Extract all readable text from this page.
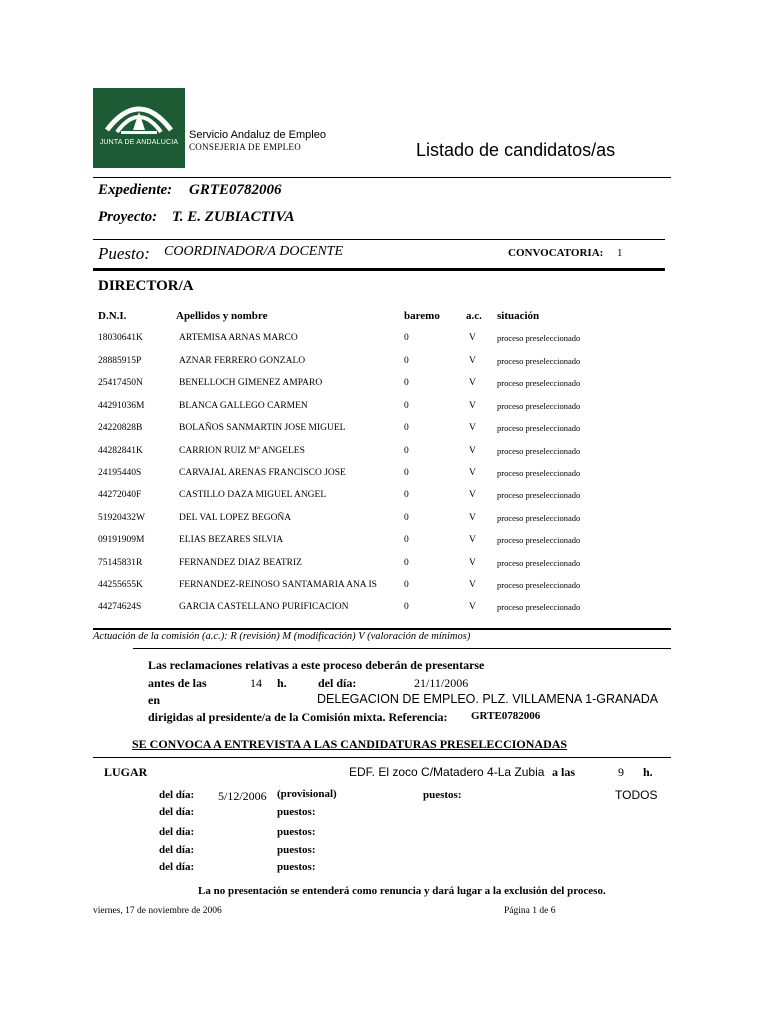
JUNTA DE ANDALUCIA
Servicio Andaluz de Empleo
CONSEJERIA DE EMPLEO	Listado de candidatos/as
Expediente: GRTE0782006
Proyecto: T. E. ZUBIACTIVA
Puesto: COORDINADOR/A DOCENTE	CONVOCATORIA: 1
DIRECTOR/A
D.N.I.	Apellidos y nombre	baremo a.c. situación
18030641K	ARTEMISA ARNAS MARCO	0	V proceso preseleccionado
28885915P	AZNAR FERRERO GONZALO	0	V proceso preseleccionado
25417450N	BENELLOCH GIMENEZ AMPARO	0	V proceso preseleccionado
44291036M	BLANCA GALLEGO CARMEN	0	V proceso preseleccionado
24220828B	BOLAÑOS SANMARTIN JOSE MIGUEL	0	V proceso preseleccionado
44282841K	CARRION RUIZ Mª ANGELES	0	V proceso preseleccionado
24195440S	CARVAJAL ARENAS FRANCISCO JOSE	0	V proceso preseleccionado
44272040F	CASTILLO DAZA MIGUEL ANGEL	0	V proceso preseleccionado
51920432W	DEL VAL LOPEZ BEGOÑA	0	V proceso preseleccionado
09191909M	ELIAS BEZARES SILVIA	0	V proceso preseleccionado
75145831R	FERNANDEZ DIAZ BEATRIZ	0	V proceso preseleccionado
44255655K	FERNANDEZ-REINOSO SANTAMARIA ANA IS	0	V proceso preseleccionado
44274624S	GARCIA CASTELLANO PURIFICACION	0	V proceso preseleccionado
Actuación de la comisión (a.c.): R (revisión) M (modificación) V (valoración de mínimos)
Las reclamaciones relativas a este proceso deberán de presentarse
antes de las	14 h.	del día:	21/11/2006
en	DELEGACION DE EMPLEO. PLZ. VILLAMENA 1-GRANADA
dirigidas al presidente/a de la Comisión mixta. Referencia: GRTE0782006
SE CONVOCA A ENTREVISTA A LAS CANDIDATURAS PRESELECCIONADAS
LUGAR	EDF. El zoco C/Matadero 4-La Zubia a las	9 h.
del día: 5/12/2006 (provisional)	puestos:	TODOS
del día:	puestos:
del día:	puestos:
del día:	puestos:
del día:	puestos:
La no presentación se entenderá como renuncia y dará lugar a la exclusión del proceso.
viernes, 17 de noviembre de 2006	Página 1 de 6
